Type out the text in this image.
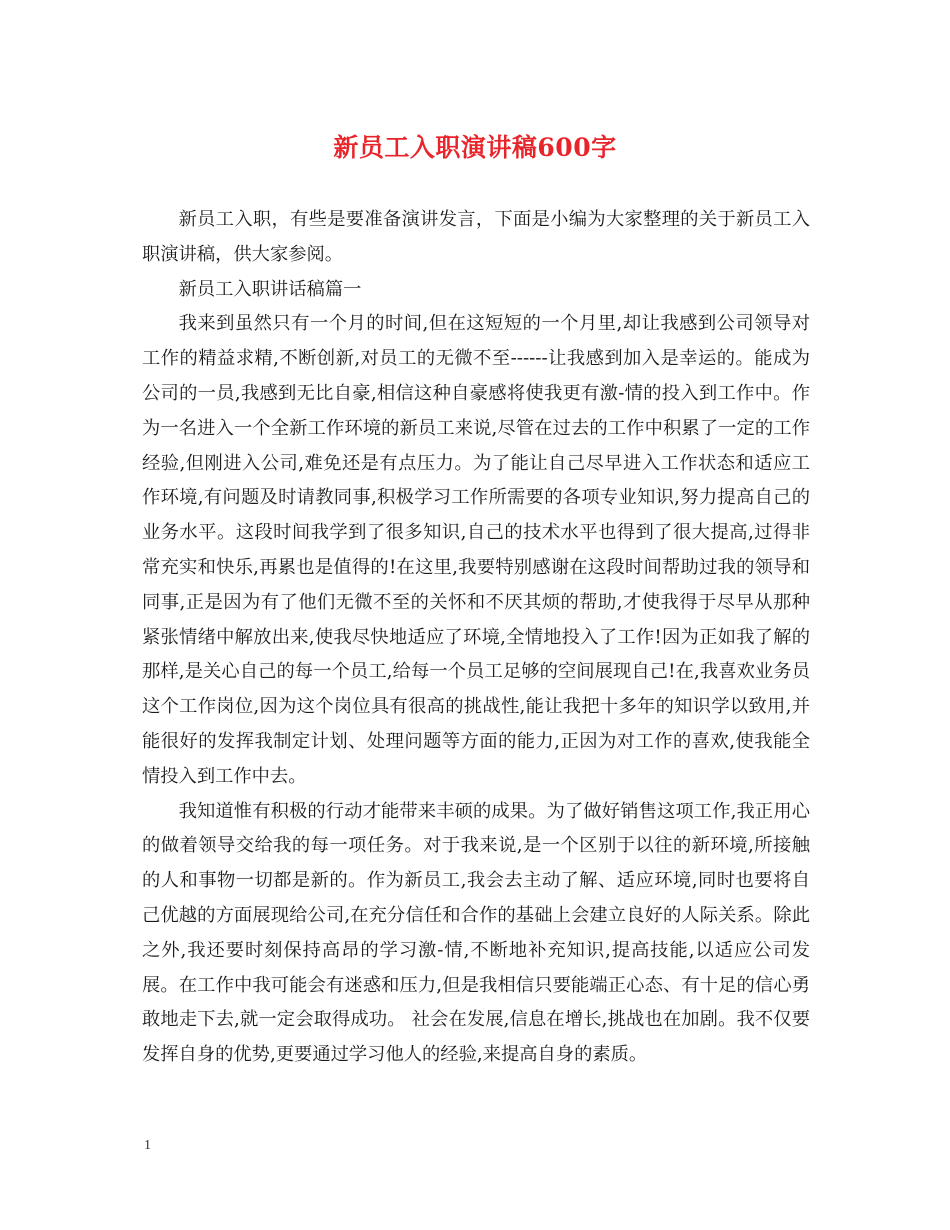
新员工入职演讲稿600字

新员工入职，有些是要准备演讲发言，下面是小编为大家整理的关于新员工入职演讲稿，供大家参阅。

新员工入职讲话稿篇一

我来到虽然只有一个月的时间,但在这短短的一个月里,却让我感到公司领导对工作的精益求精,不断创新,对员工的无微不至------让我感到加入是幸运的。能成为公司的一员,我感到无比自豪,相信这种自豪感将使我更有激-情的投入到工作中。作为一名进入一个全新工作环境的新员工来说,尽管在过去的工作中积累了一定的工作经验,但刚进入公司,难免还是有点压力。为了能让自己尽早进入工作状态和适应工作环境,有问题及时请教同事,积极学习工作所需要的各项专业知识,努力提高自己的业务水平。这段时间我学到了很多知识,自己的技术水平也得到了很大提高,过得非常充实和快乐,再累也是值得的!在这里,我要特别感谢在这段时间帮助过我的领导和同事,正是因为有了他们无微不至的关怀和不厌其烦的帮助,才使我得于尽早从那种紧张情绪中解放出来,使我尽快地适应了环境,全情地投入了工作!因为正如我了解的那样,是关心自己的每一个员工,给每一个员工足够的空间展现自己!在,我喜欢业务员这个工作岗位,因为这个岗位具有很高的挑战性,能让我把十多年的知识学以致用,并能很好的发挥我制定计划、处理问题等方面的能力,正因为对工作的喜欢,使我能全情投入到工作中去。

我知道惟有积极的行动才能带来丰硕的成果。为了做好销售这项工作,我正用心的做着领导交给我的每一项任务。对于我来说,是一个区别于以往的新环境,所接触的人和事物一切都是新的。作为新员工,我会去主动了解、适应环境,同时也要将自己优越的方面展现给公司,在充分信任和合作的基础上会建立良好的人际关系。除此之外,我还要时刻保持高昂的学习激-情,不断地补充知识,提高技能,以适应公司发展。在工作中我可能会有迷惑和压力,但是我相信只要能端正心态、有十足的信心勇敢地走下去,就一定会取得成功。 社会在发展,信息在增长,挑战也在加剧。我不仅要发挥自身的优势,更要通过学习他人的经验,来提高自身的素质。

1
